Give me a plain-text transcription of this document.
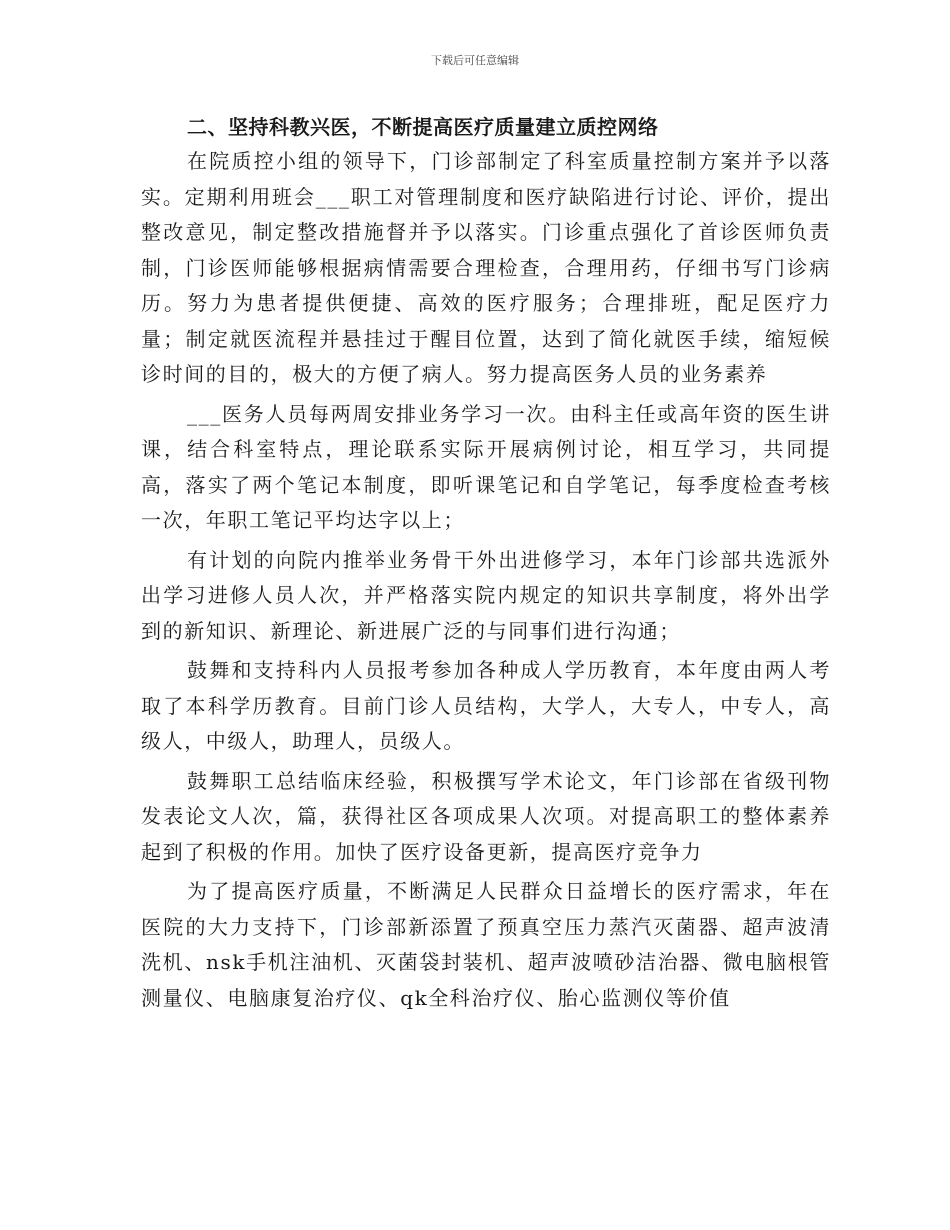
下载后可任意编辑
二、坚持科教兴医，不断提高医疗质量建立质控网络

在院质控小组的领导下，门诊部制定了科室质量控制方案并予以落实。定期利用班会___职工对管理制度和医疗缺陷进行讨论、评价，提出整改意见，制定整改措施督并予以落实。门诊重点强化了首诊医师负责制，门诊医师能够根据病情需要合理检查，合理用药，仔细书写门诊病历。努力为患者提供便捷、高效的医疗服务；合理排班，配足医疗力量；制定就医流程并悬挂过于醒目位置，达到了简化就医手续，缩短候诊时间的目的，极大的方便了病人。努力提高医务人员的业务素养

___医务人员每两周安排业务学习一次。由科主任或高年资的医生讲课，结合科室特点，理论联系实际开展病例讨论，相互学习，共同提高，落实了两个笔记本制度，即听课笔记和自学笔记，每季度检查考核一次，年职工笔记平均达字以上；

有计划的向院内推举业务骨干外出进修学习，本年门诊部共选派外出学习进修人员人次，并严格落实院内规定的知识共享制度，将外出学到的新知识、新理论、新进展广泛的与同事们进行沟通；

鼓舞和支持科内人员报考参加各种成人学历教育，本年度由两人考取了本科学历教育。目前门诊人员结构，大学人，大专人，中专人，高级人，中级人，助理人，员级人。

鼓舞职工总结临床经验，积极撰写学术论文，年门诊部在省级刊物发表论文人次，篇，获得社区各项成果人次项。对提高职工的整体素养起到了积极的作用。加快了医疗设备更新，提高医疗竞争力

为了提高医疗质量，不断满足人民群众日益增长的医疗需求，年在医院的大力支持下，门诊部新添置了预真空压力蒸汽灭菌器、超声波清洗机、nsk手机注油机、灭菌袋封装机、超声波喷砂洁治器、微电脑根管测量仪、电脑康复治疗仪、qk全科治疗仪、胎心监测仪等价值
